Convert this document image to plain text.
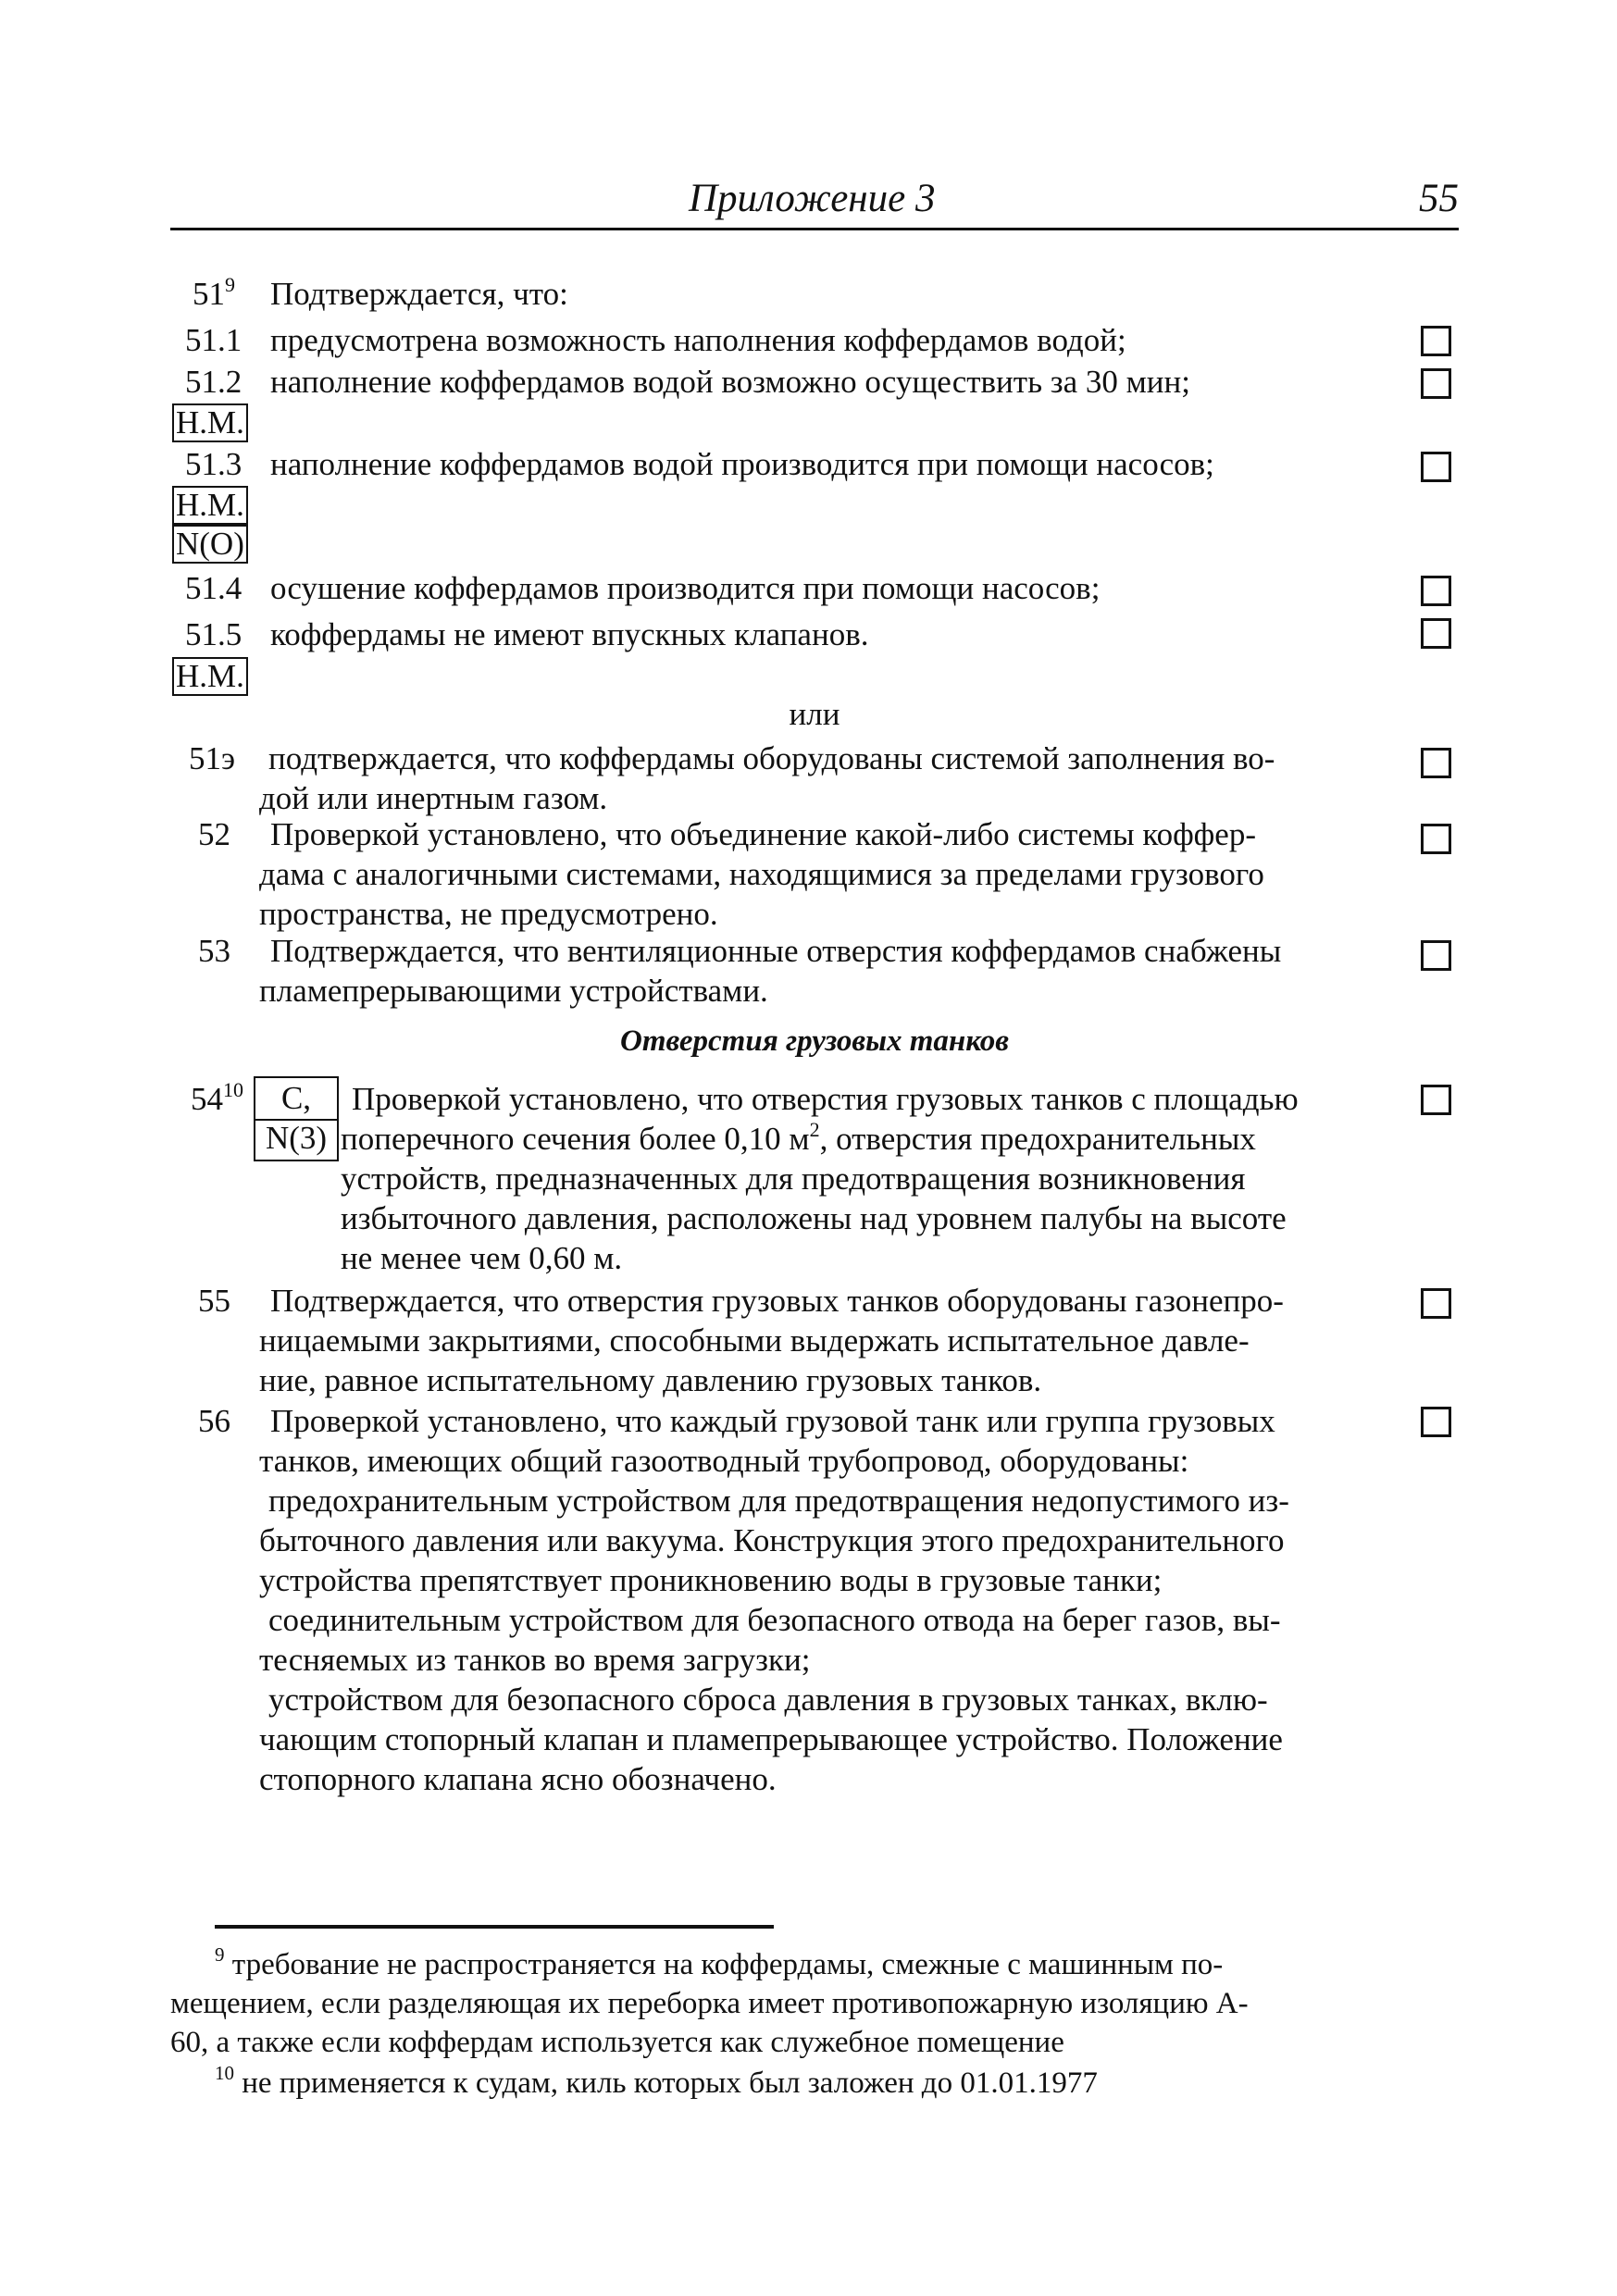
Приложение 3	55
$51^9$ Подтверждается, что:
51.1 предусмотрена возможность наполнения коффердамов водой;
51.2 наполнение коффердамов водой возможно осуществить за 30 мин;
Н.М.
51.3 наполнение коффердамов водой производится при помощи насосов;
Н.М.
N(O)
51.4 осушение коффердамов производится при помощи насосов;
51.5 коффердамы не имеют впускных клапанов.
Н.М.
или
51э подтверждается, что коффердамы оборудованы системой заполнения во-
дой или инертным газом.
52 Проверкой установлено, что объединение какой-либо системы коффер-
дама с аналогичными системами, находящимися за пределами грузового
пространства, не предусмотрено.
53 Подтверждается, что вентиляционные отверстия коффердамов снабжены
пламепрерывающими устройствами.
Отверстия грузовых танков
$54^{10}$	С,
N(3)
Проверкой установлено, что отверстия грузовых танков с площадью
поперечного сечения более 0,10 $м^2$, отверстия предохранительных
устройств, предназначенных для предотвращения возникновения
избыточного давления, расположены над уровнем палубы на высоте
не менее чем 0,60 м.
55 Подтверждается, что отверстия грузовых танков оборудованы газонепро-
ницаемыми закрытиями, способными выдержать испытательное давле-
ние, равное испытательному давлению грузовых танков.
56 Проверкой установлено, что каждый грузовой танк или группа грузовых
танков, имеющих общий газоотводный трубопровод, оборудованы:
предохранительным устройством для предотвращения недопустимого из-
быточного давления или вакуума. Конструкция этого предохранительного
устройства препятствует проникновению воды в грузовые танки;
соединительным устройством для безопасного отвода на берег газов, вы-
тесняемых из танков во время загрузки;
устройством для безопасного сброса давления в грузовых танках, вклю-
чающим стопорный клапан и пламепрерывающее устройство. Положение
стопорного клапана ясно обозначено.
$^9$ требование не распространяется на коффердамы, смежные с машинным по-
мещением, если разделяющая их переборка имеет противопожарную изоляцию А-
60, а также если коффердам используется как служебное помещение
$^{10}$ не применяется к судам, киль которых был заложен до 01.01.1977
